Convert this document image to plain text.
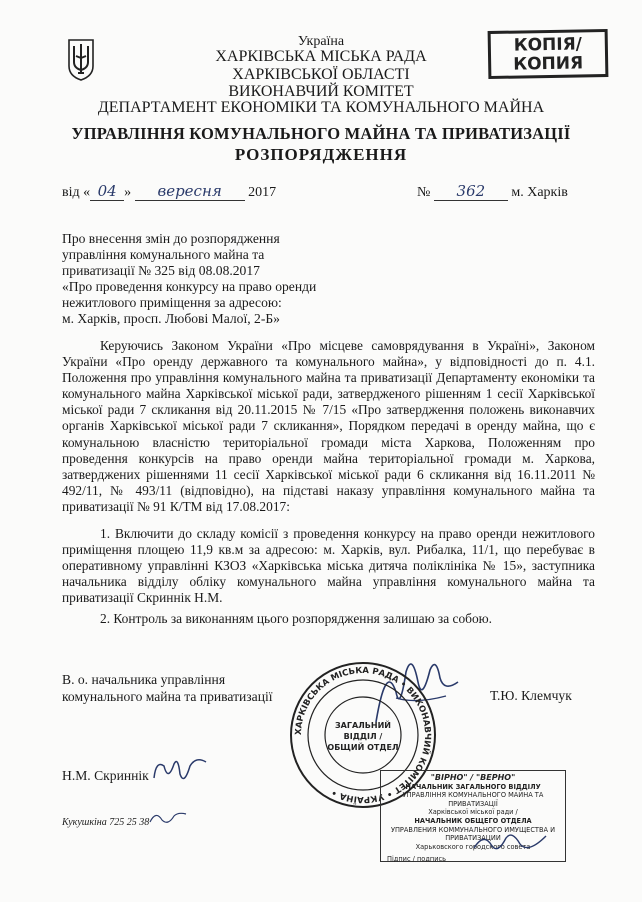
КОПІЯ/
КОПИЯ
Україна
ХАРКІВСЬКА МІСЬКА РАДА
ХАРКІВСЬКОЇ ОБЛАСТІ
ВИКОНАВЧИЙ КОМІТЕТ
ДЕПАРТАМЕНТ ЕКОНОМІКИ ТА КОМУНАЛЬНОГО МАЙНА
УПРАВЛІННЯ КОМУНАЛЬНОГО МАЙНА ТА ПРИВАТИЗАЦІЇ
РОЗПОРЯДЖЕННЯ
від « 04 » вересня 2017	№ 362 м. Харків
Про внесення змін до розпорядження
управління комунального майна та
приватизації № 325 від 08.08.2017
«Про проведення конкурсу на право оренди
нежитлового приміщення за адресою:
м. Харків, просп. Любові Малої, 2-Б»

Керуючись Законом України «Про місцеве самоврядування в Україні», Законом України «Про оренду державного та комунального майна», у відповідності до п. 4.1. Положення про управління комунального майна та приватизації Департаменту економіки та комунального майна Харківської міської ради, затвердженого рішенням 1 сесії Харківської міської ради 7 скликання від 20.11.2015 № 7/15 «Про затвердження положень виконавчих органів Харківської міської ради 7 скликання», Порядком передачі в оренду майна, що є комунальною власністю територіальної громади міста Харкова, Положенням про проведення конкурсів на право оренди майна територіальної громади м. Харкова, затверджених рішеннями 11 сесії Харківської міської ради 6 скликання від 16.11.2011 № 492/11, № 493/11 (відповідно), на підставі наказу управління комунального майна та приватизації № 91 К/ТМ від 17.08.2017:

1. Включити до складу комісії з проведення конкурсу на право оренди нежитлового приміщення площею 11,9 кв.м за адресою: м. Харків, вул. Рибалка, 11/1, що перебуває в оперативному управлінні КЗОЗ «Харківська міська дитяча поліклініка № 15», заступника начальника відділу обліку комунального майна управління комунального майна та приватизації Скриннік Н.М.

2. Контроль за виконанням цього розпорядження залишаю за собою.

В. о. начальника управління
комунального майна та приватизації	Т.Ю. Клемчук
ХАРКІВСЬКА МІСЬКА РАДА • ВИКОНАВЧИЙ КОМІТЕТ • УКРАЇНА •
ЗАГАЛЬНИЙ
ВІДДІЛ /
ОБЩИЙ ОТДЕЛ
Н.М. Скриннік
Кукушкіна 725 25 38
"ВІРНО" / "ВЕРНО"
НАЧАЛЬНИК ЗАГАЛЬНОГО ВІДДІЛУ
УПРАВЛІННЯ КОМУНАЛЬНОГО МАЙНА ТА ПРИВАТИЗАЦІЇ
Харківської міської ради /
НАЧАЛЬНИК ОБЩЕГО ОТДЕЛА
УПРАВЛЕНИЯ КОММУНАЛЬНОГО ИМУЩЕСТВА И ПРИВАТИЗАЦИИ
Харьковского городского совета
Підпис / подпись
